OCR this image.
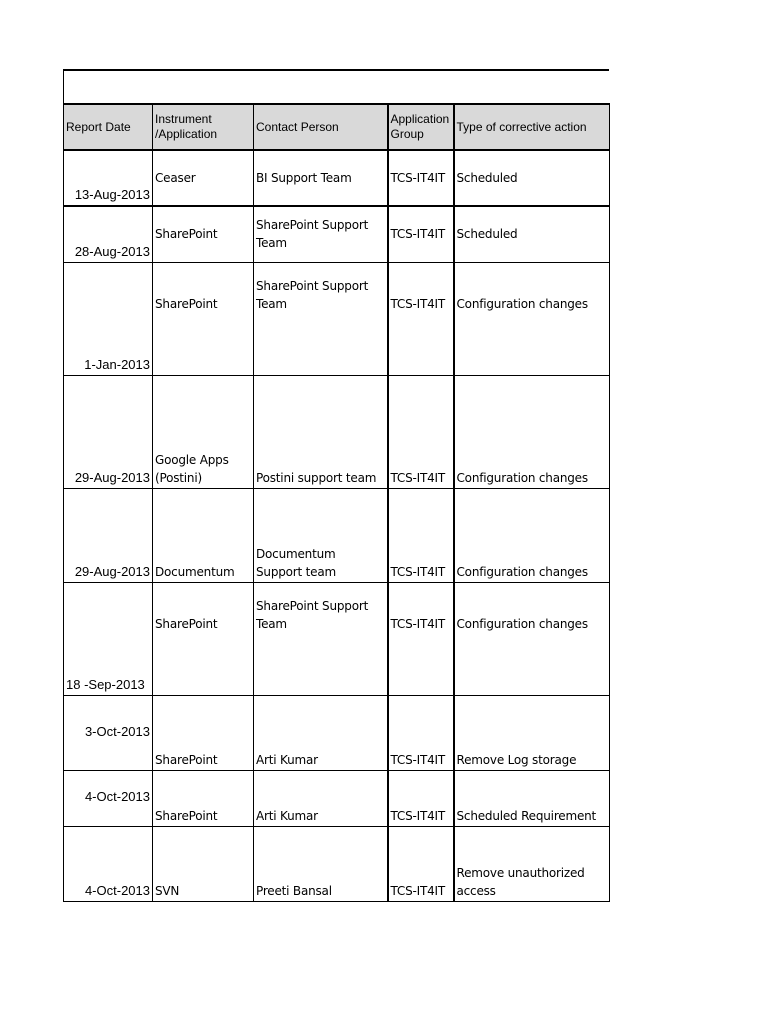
Report Date	Instrument /Application	Contact Person	Application Group	Type of corrective action
13-Aug-2013	Ceaser	BI Support Team	TCS-IT4IT	Scheduled
28-Aug-2013	SharePoint	SharePoint Support Team	TCS-IT4IT	Scheduled
1-Jan-2013	SharePoint	SharePoint Support Team	TCS-IT4IT	Configuration changes
29-Aug-2013	Google Apps (Postini)	Postini support team	TCS-IT4IT	Configuration changes
29-Aug-2013	Documentum	Documentum Support team	TCS-IT4IT	Configuration changes
18 -Sep-2013	SharePoint	SharePoint Support Team	TCS-IT4IT	Configuration changes
3-Oct-2013	SharePoint	Arti Kumar	TCS-IT4IT	Remove Log storage
4-Oct-2013	SharePoint	Arti Kumar	TCS-IT4IT	Scheduled Requirement
4-Oct-2013	SVN	Preeti Bansal	TCS-IT4IT	Remove unauthorized access
